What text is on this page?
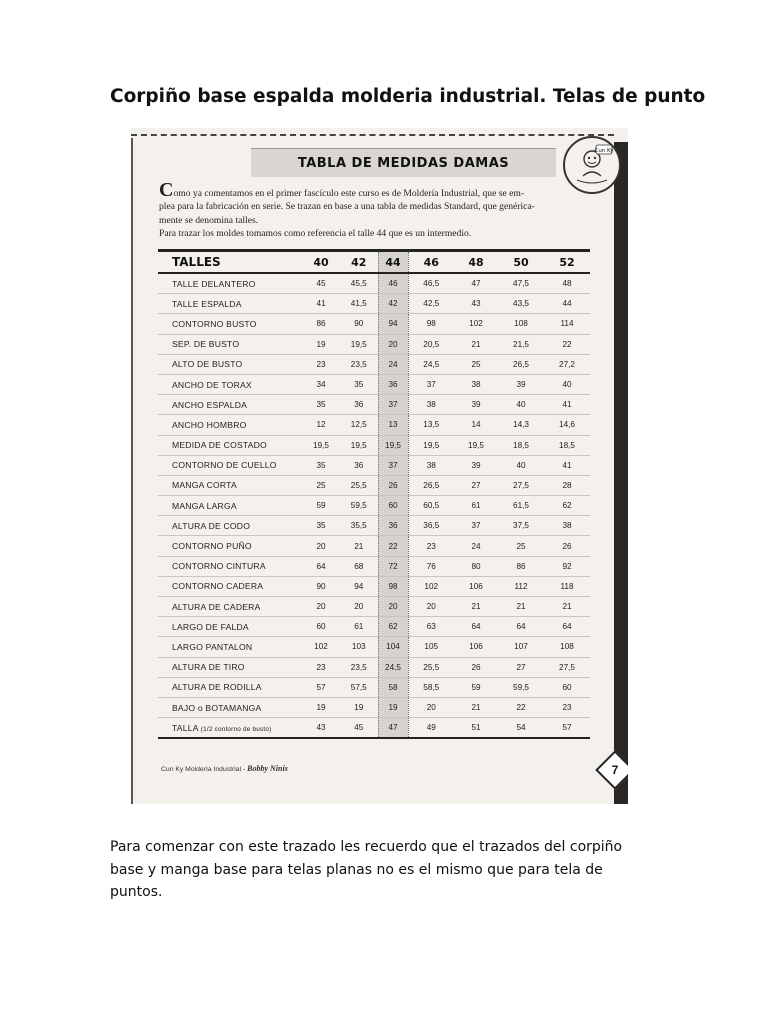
Corpiño base espalda molderia industrial. Telas de punto
TABLA DE MEDIDAS DAMAS
Cun Ky

Como ya comentamos en el primer fascículo este curso es de Moldería Industrial, que se em-

plea para la fabricación en serie. Se trazan en base a una tabla de medidas Standard, que genérica-

mente se denomina talles.

Para trazar los moldes tomamos como referencia el talle 44 que es un intermedio.

TALLES	40	42	44	46	48	50	52
TALLE DELANTERO	45	45,5	46	46,5	47	47,5	48
TALLE ESPALDA	41	41,5	42	42,5	43	43,5	44
CONTORNO BUSTO	86	90	94	98	102	108	114
SEP. DE BUSTO	19	19,5	20	20,5	21	21,5	22
ALTO DE BUSTO	23	23,5	24	24,5	25	26,5	27,2
ANCHO DE TORAX	34	35	36	37	38	39	40
ANCHO ESPALDA	35	36	37	38	39	40	41
ANCHO HOMBRO	12	12,5	13	13,5	14	14,3	14,6
MEDIDA DE COSTADO	19,5	19,5	19,5	19,5	19,5	18,5	18,5
CONTORNO DE CUELLO	35	36	37	38	39	40	41
MANGA CORTA	25	25,5	26	26,5	27	27,5	28
MANGA LARGA	59	59,5	60	60,5	61	61,5	62
ALTURA DE CODO	35	35,5	36	36,5	37	37,5	38
CONTORNO PUÑO	20	21	22	23	24	25	26
CONTORNO CINTURA	64	68	72	76	80	86	92
CONTORNO CADERA	90	94	98	102	106	112	118
ALTURA DE CADERA	20	20	20	20	21	21	21
LARGO DE FALDA	60	61	62	63	64	64	64
LARGO PANTALON	102	103	104	105	106	107	108
ALTURA DE TIRO	23	23,5	24,5	25,5	26	27	27,5
ALTURA DE RODILLA	57	57,5	58	58,5	59	59,5	60
BAJO o BOTAMANGA	19	19	19	20	21	22	23
TALLA (1/2 contorno de busto)	43	45	47	49	51	54	57
Cun Ky Moldería Industrial - Bobby Ninis	7

Para comenzar con este trazado les recuerdo que el trazados del corpiño base y manga base para telas planas no es el mismo que para tela de puntos.
